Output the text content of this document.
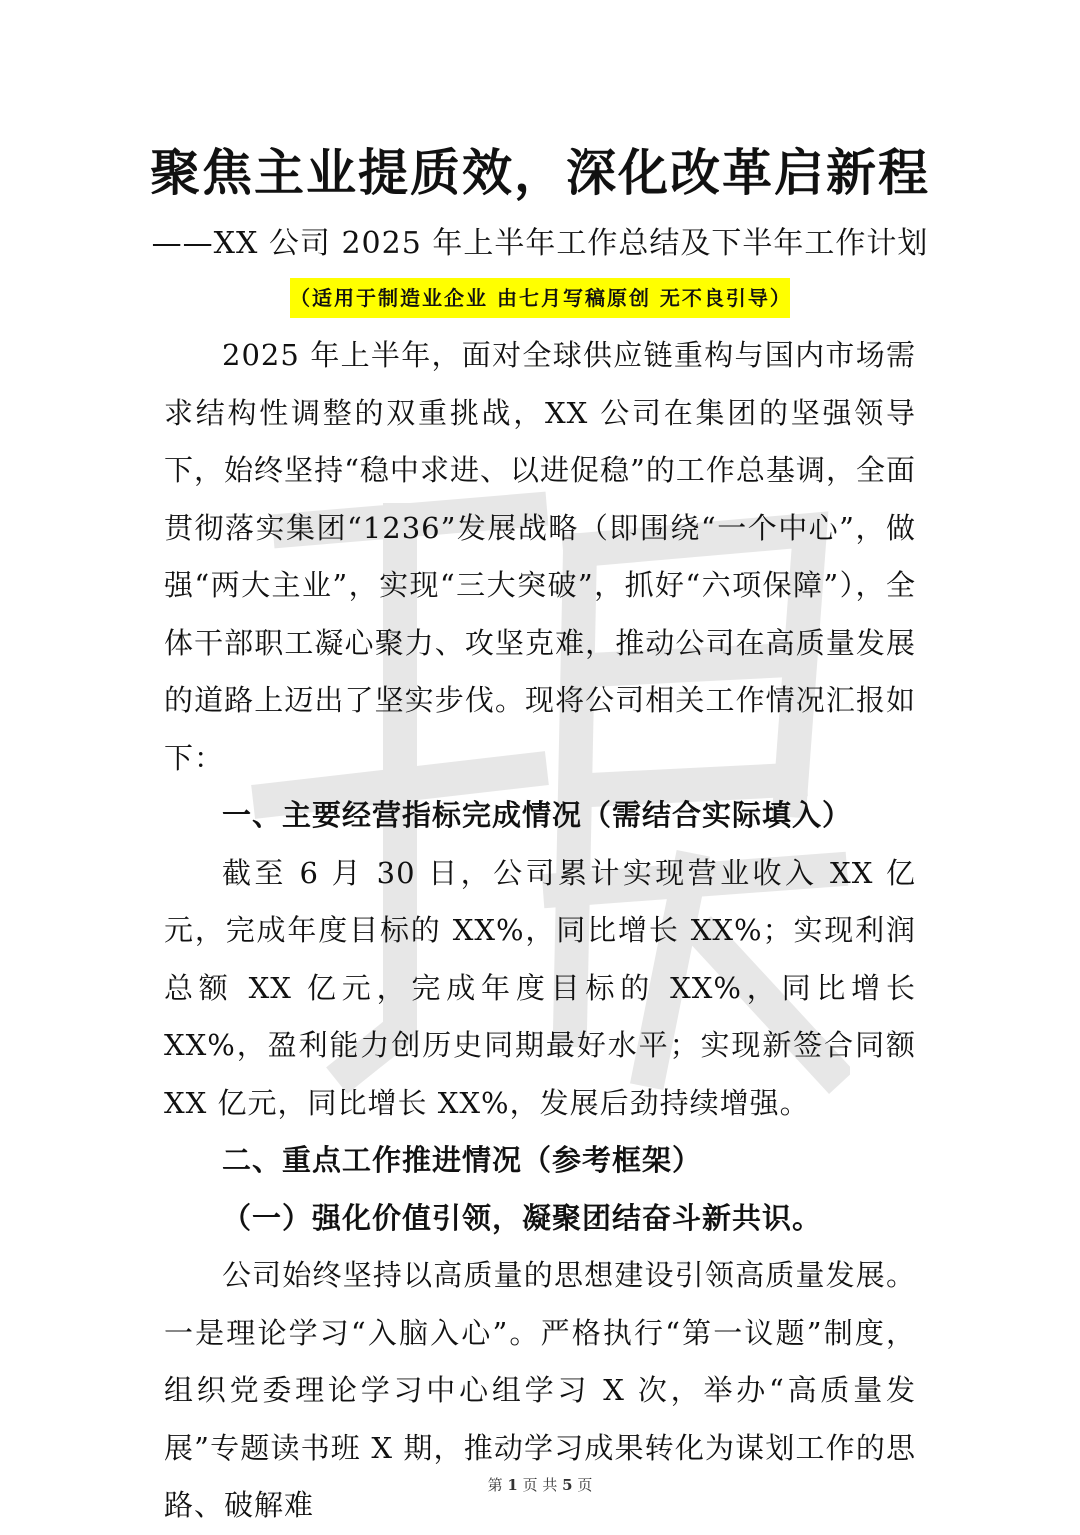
聚焦主业提质效，深化改革启新程
——XX 公司 2025 年上半年工作总结及下半年工作计划
（适用于制造业企业 由七月写稿原创 无不良引导）

2025 年上半年，面对全球供应链重构与国内市场需求结构性调整的双重挑战，XX 公司在集团的坚强领导下，始终坚持“稳中求进、以进促稳”的工作总基调，全面贯彻落实集团“1236”发展战略（即围绕“一个中心”，做强“两大主业”，实现“三大突破”，抓好“六项保障”），全体干部职工凝心聚力、攻坚克难，推动公司在高质量发展的道路上迈出了坚实步伐。现将公司相关工作情况汇报如下：

一、主要经营指标完成情况（需结合实际填入）

截至 6 月 30 日，公司累计实现营业收入 XX 亿元，完成年度目标的 XX%，同比增长 XX%；实现利润总额 XX 亿元，完成年度目标的 XX%，同比增长 XX%，盈利能力创历史同期最好水平；实现新签合同额 XX 亿元，同比增长 XX%，发展后劲持续增强。

二、重点工作推进情况（参考框架）

（一）强化价值引领，凝聚团结奋斗新共识。

公司始终坚持以高质量的思想建设引领高质量发展。一是理论学习“入脑入心”。严格执行“第一议题”制度，组织党委理论学习中心组学习 X 次，举办“高质量发展”专题读书班 X 期，推动学习成果转化为谋划工作的思路、破解难

第 1 页 共 5 页
